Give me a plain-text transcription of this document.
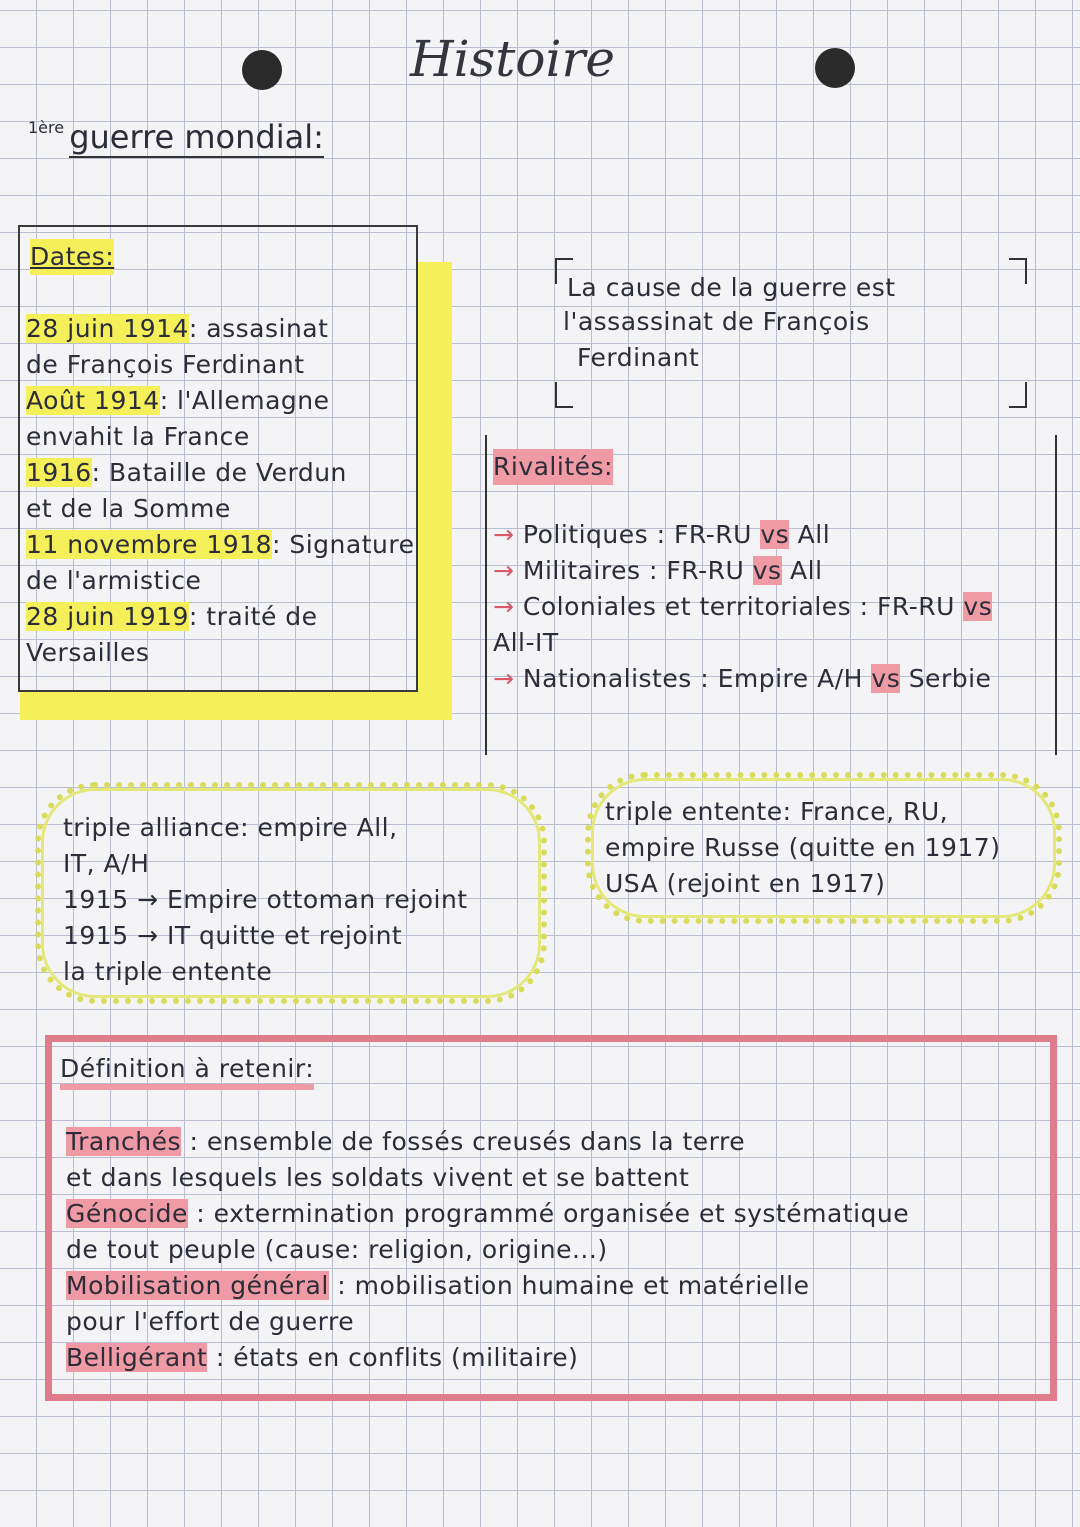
Histoire
1ère guerre mondial:
Dates:
28 juin 1914: assasinat
de François Ferdinant
Août 1914: l'Allemagne
envahit la France
1916: Bataille de Verdun
et de la Somme
11 novembre 1918: Signature
de l'armistice
28 juin 1919: traité de
Versailles
La cause de la guerre est
l'assassinat de François
Ferdinant
Rivalités:
→ Politiques : FR-RU vs All
→ Militaires : FR-RU vs All
→ Coloniales et territoriales : FR-RU vs All-IT
→ Nationalistes : Empire A/H vs Serbie
triple alliance: empire All,
IT, A/H
1915 → Empire ottoman rejoint
1915 → IT quitte et rejoint
la triple entente
triple entente: France, RU,
empire Russe (quitte en 1917)
USA (rejoint en 1917)
Définition à retenir:
Tranchés : ensemble de fossés creusés dans la terre
et dans lesquels les soldats vivent et se battent
Génocide : extermination programmé organisée et systématique
de tout peuple (cause: religion, origine...)
Mobilisation général : mobilisation humaine et matérielle
pour l'effort de guerre
Belligérant : états en conflits (militaire)
